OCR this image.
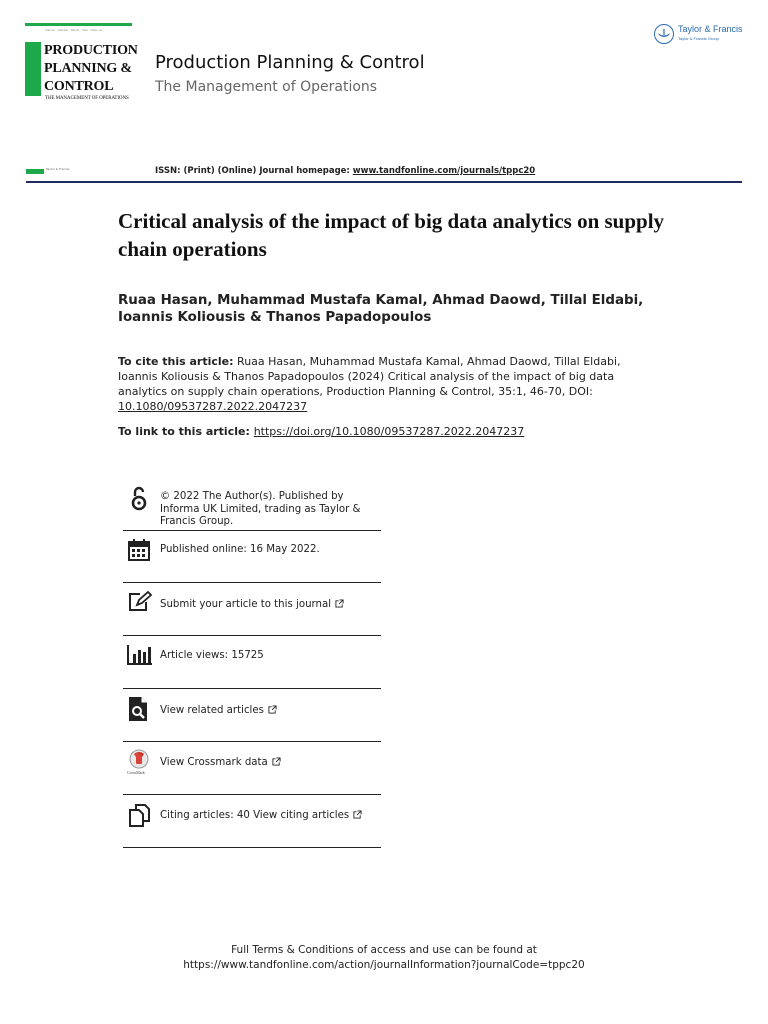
Volume · Number · Month · Year · Issue no
PRODUCTION
PLANNING &
CONTROL
THE MANAGEMENT OF OPERATIONS
Production Planning & Control
The Management of Operations
Taylor & Francis
Taylor & Francis Group
Taylor & Francis	ISSN: (Print) (Online) Journal homepage: www.tandfonline.com/journals/tppc20
Critical analysis of the impact of big data analytics on supply chain operations
Ruaa Hasan, Muhammad Mustafa Kamal, Ahmad Daowd, Tillal Eldabi, Ioannis Koliousis & Thanos Papadopoulos
To cite this article: Ruaa Hasan, Muhammad Mustafa Kamal, Ahmad Daowd, Tillal Eldabi, Ioannis Koliousis & Thanos Papadopoulos (2024) Critical analysis of the impact of big data analytics on supply chain operations, Production Planning & Control, 35:1, 46-70, DOI: 10.1080/09537287.2022.2047237
To link to this article: https://doi.org/10.1080/09537287.2022.2047237
© 2022 The Author(s). Published by Informa UK Limited, trading as Taylor & Francis Group.
Published online: 16 May 2022.
Submit your article to this journal
Article views: 15725
View related articles
CrossMark
View Crossmark data
Citing articles: 40 View citing articles
Full Terms & Conditions of access and use can be found at
https://www.tandfonline.com/action/journalInformation?journalCode=tppc20
